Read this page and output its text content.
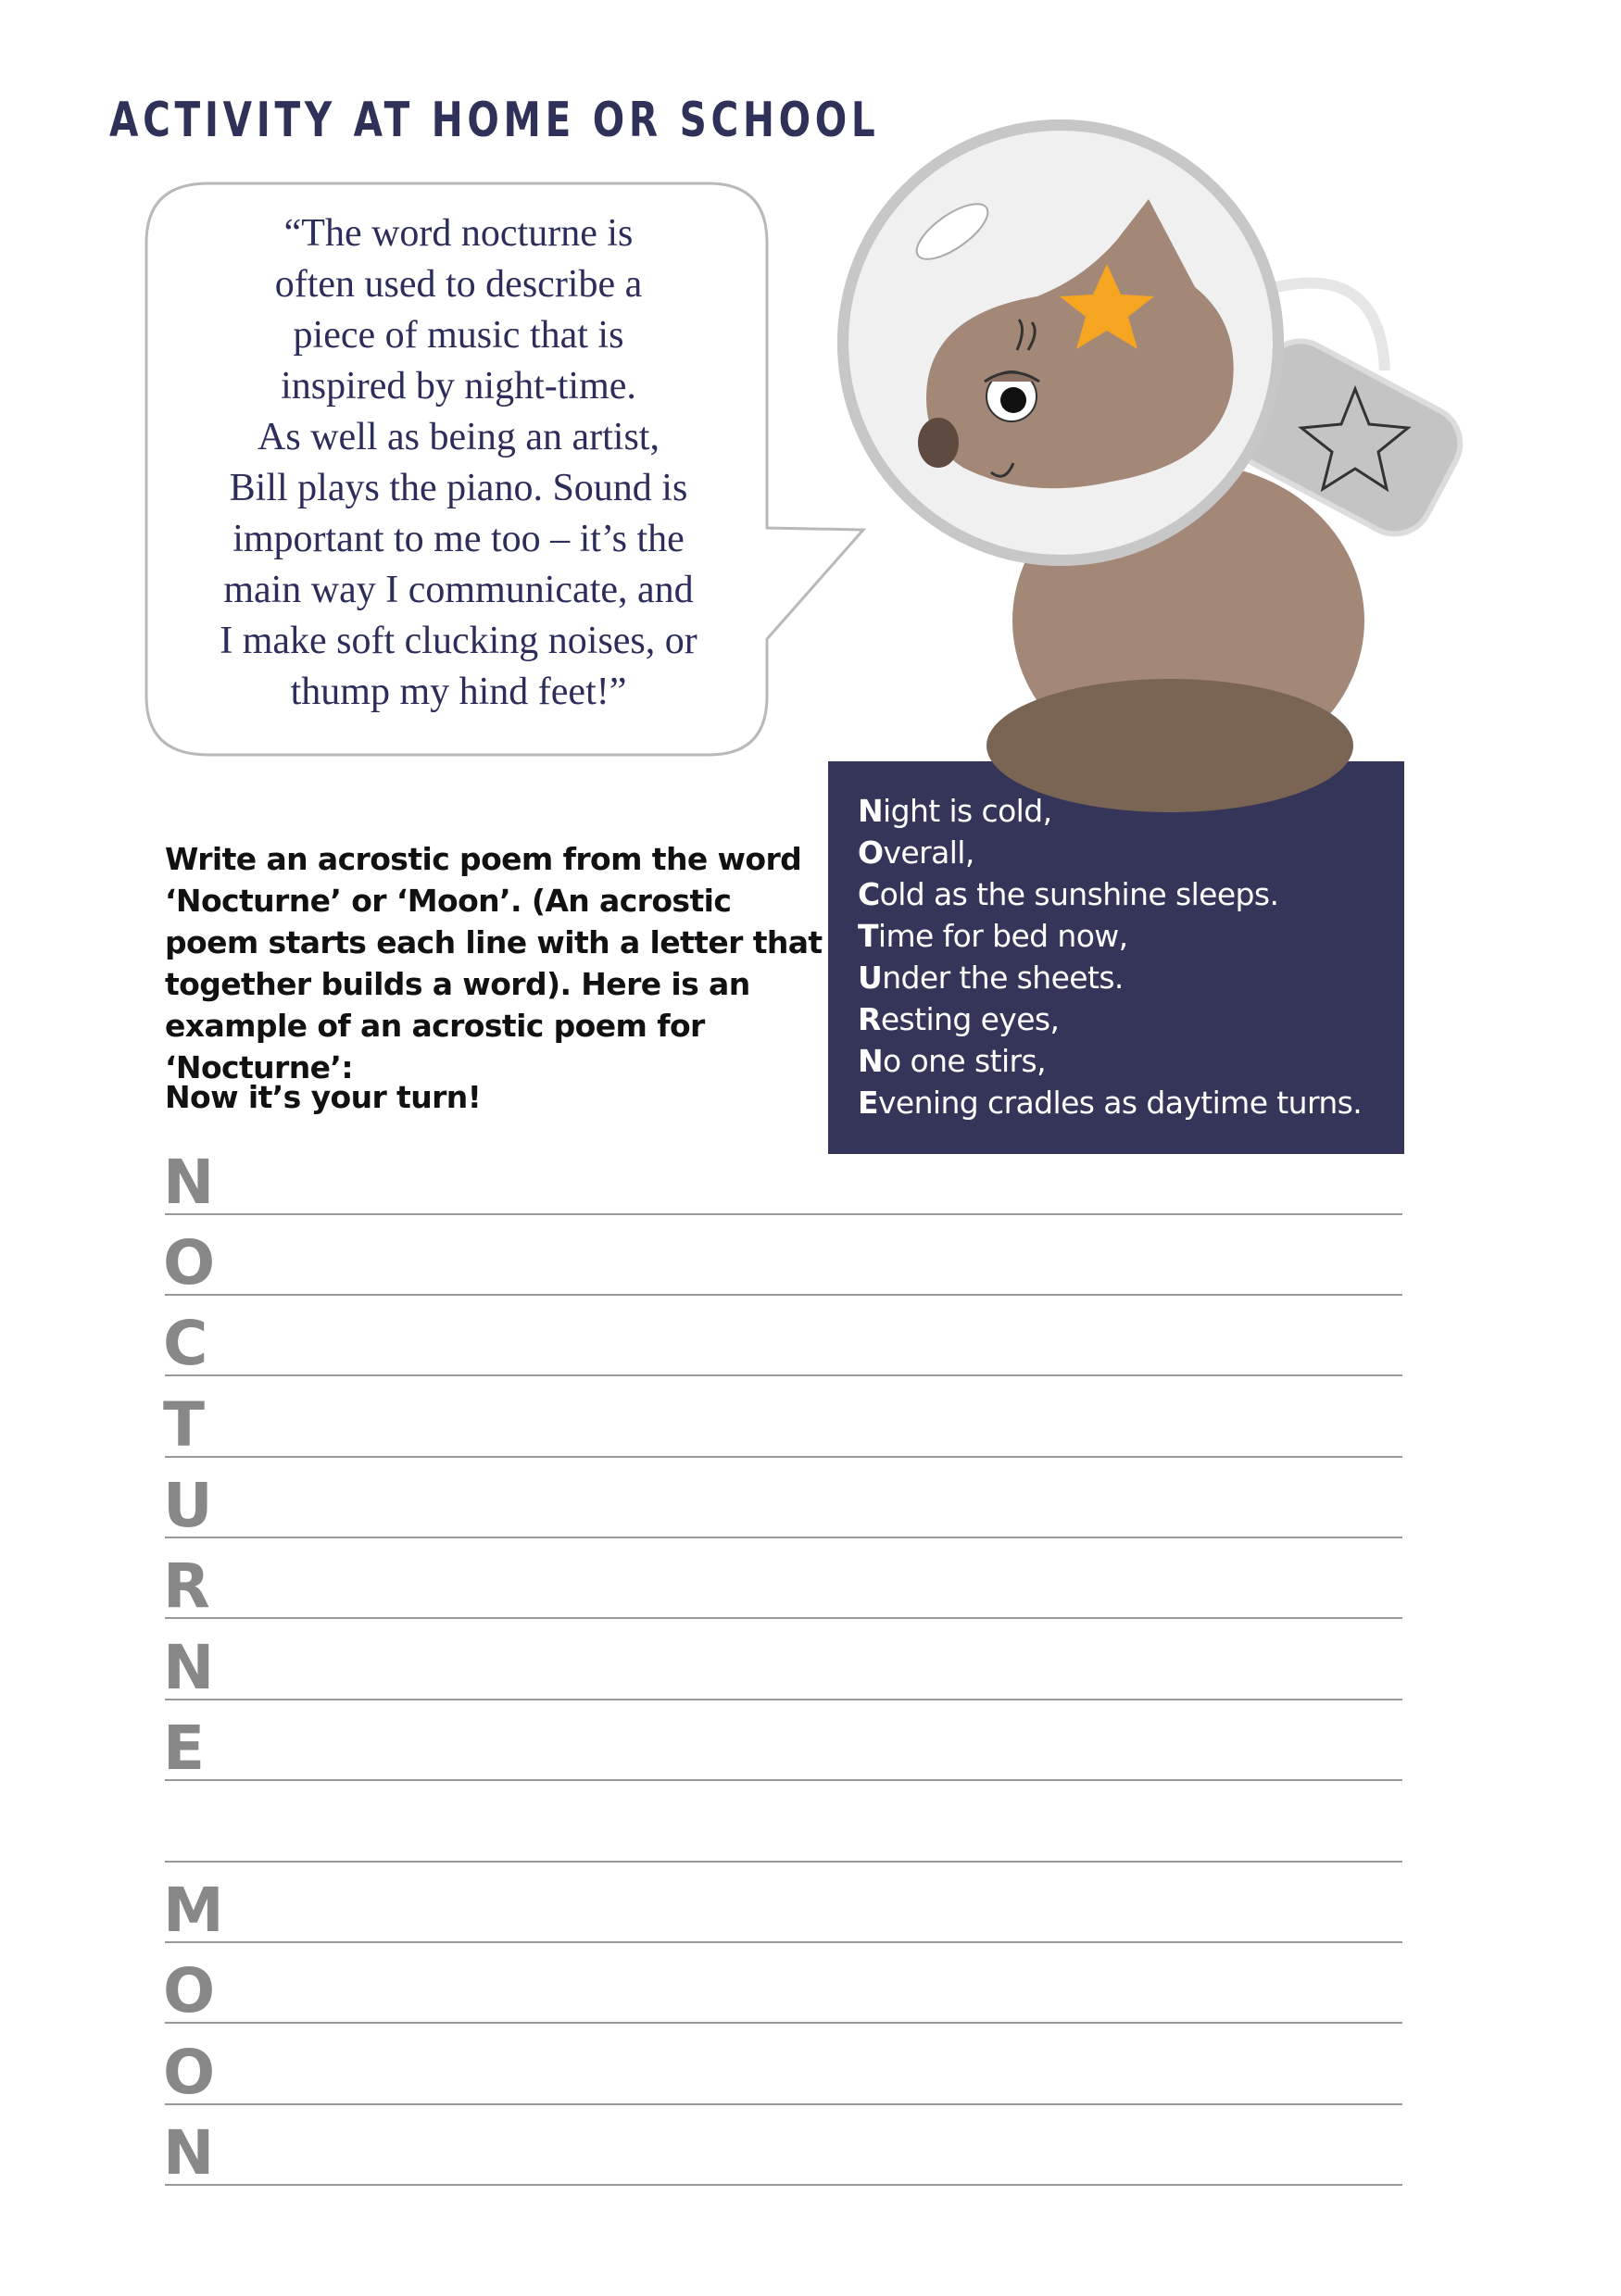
ACTIVITY AT HOME OR SCHOOL

“The word nocturne is
often used to describe a
piece of music that is
inspired by night-time.
As well as being an artist,
Bill plays the piano. Sound is
important to me too – it’s the
main way I communicate, and
I make soft clucking noises, or
thump my hind feet!”

Night is cold,
Overall,
Cold as the sunshine sleeps.
Time for bed now,
Under the sheets.
Resting eyes,
No one stirs,
Evening cradles as daytime turns.

Write an acrostic poem from the word ‘Nocturne’ or ‘Moon’. (An acrostic poem starts each line with a letter that together builds a word). Here is an example of an acrostic poem for ‘Nocturne’:

Now it’s your turn!

N
O
C
T
U
R
N
E
M
O
O
N
